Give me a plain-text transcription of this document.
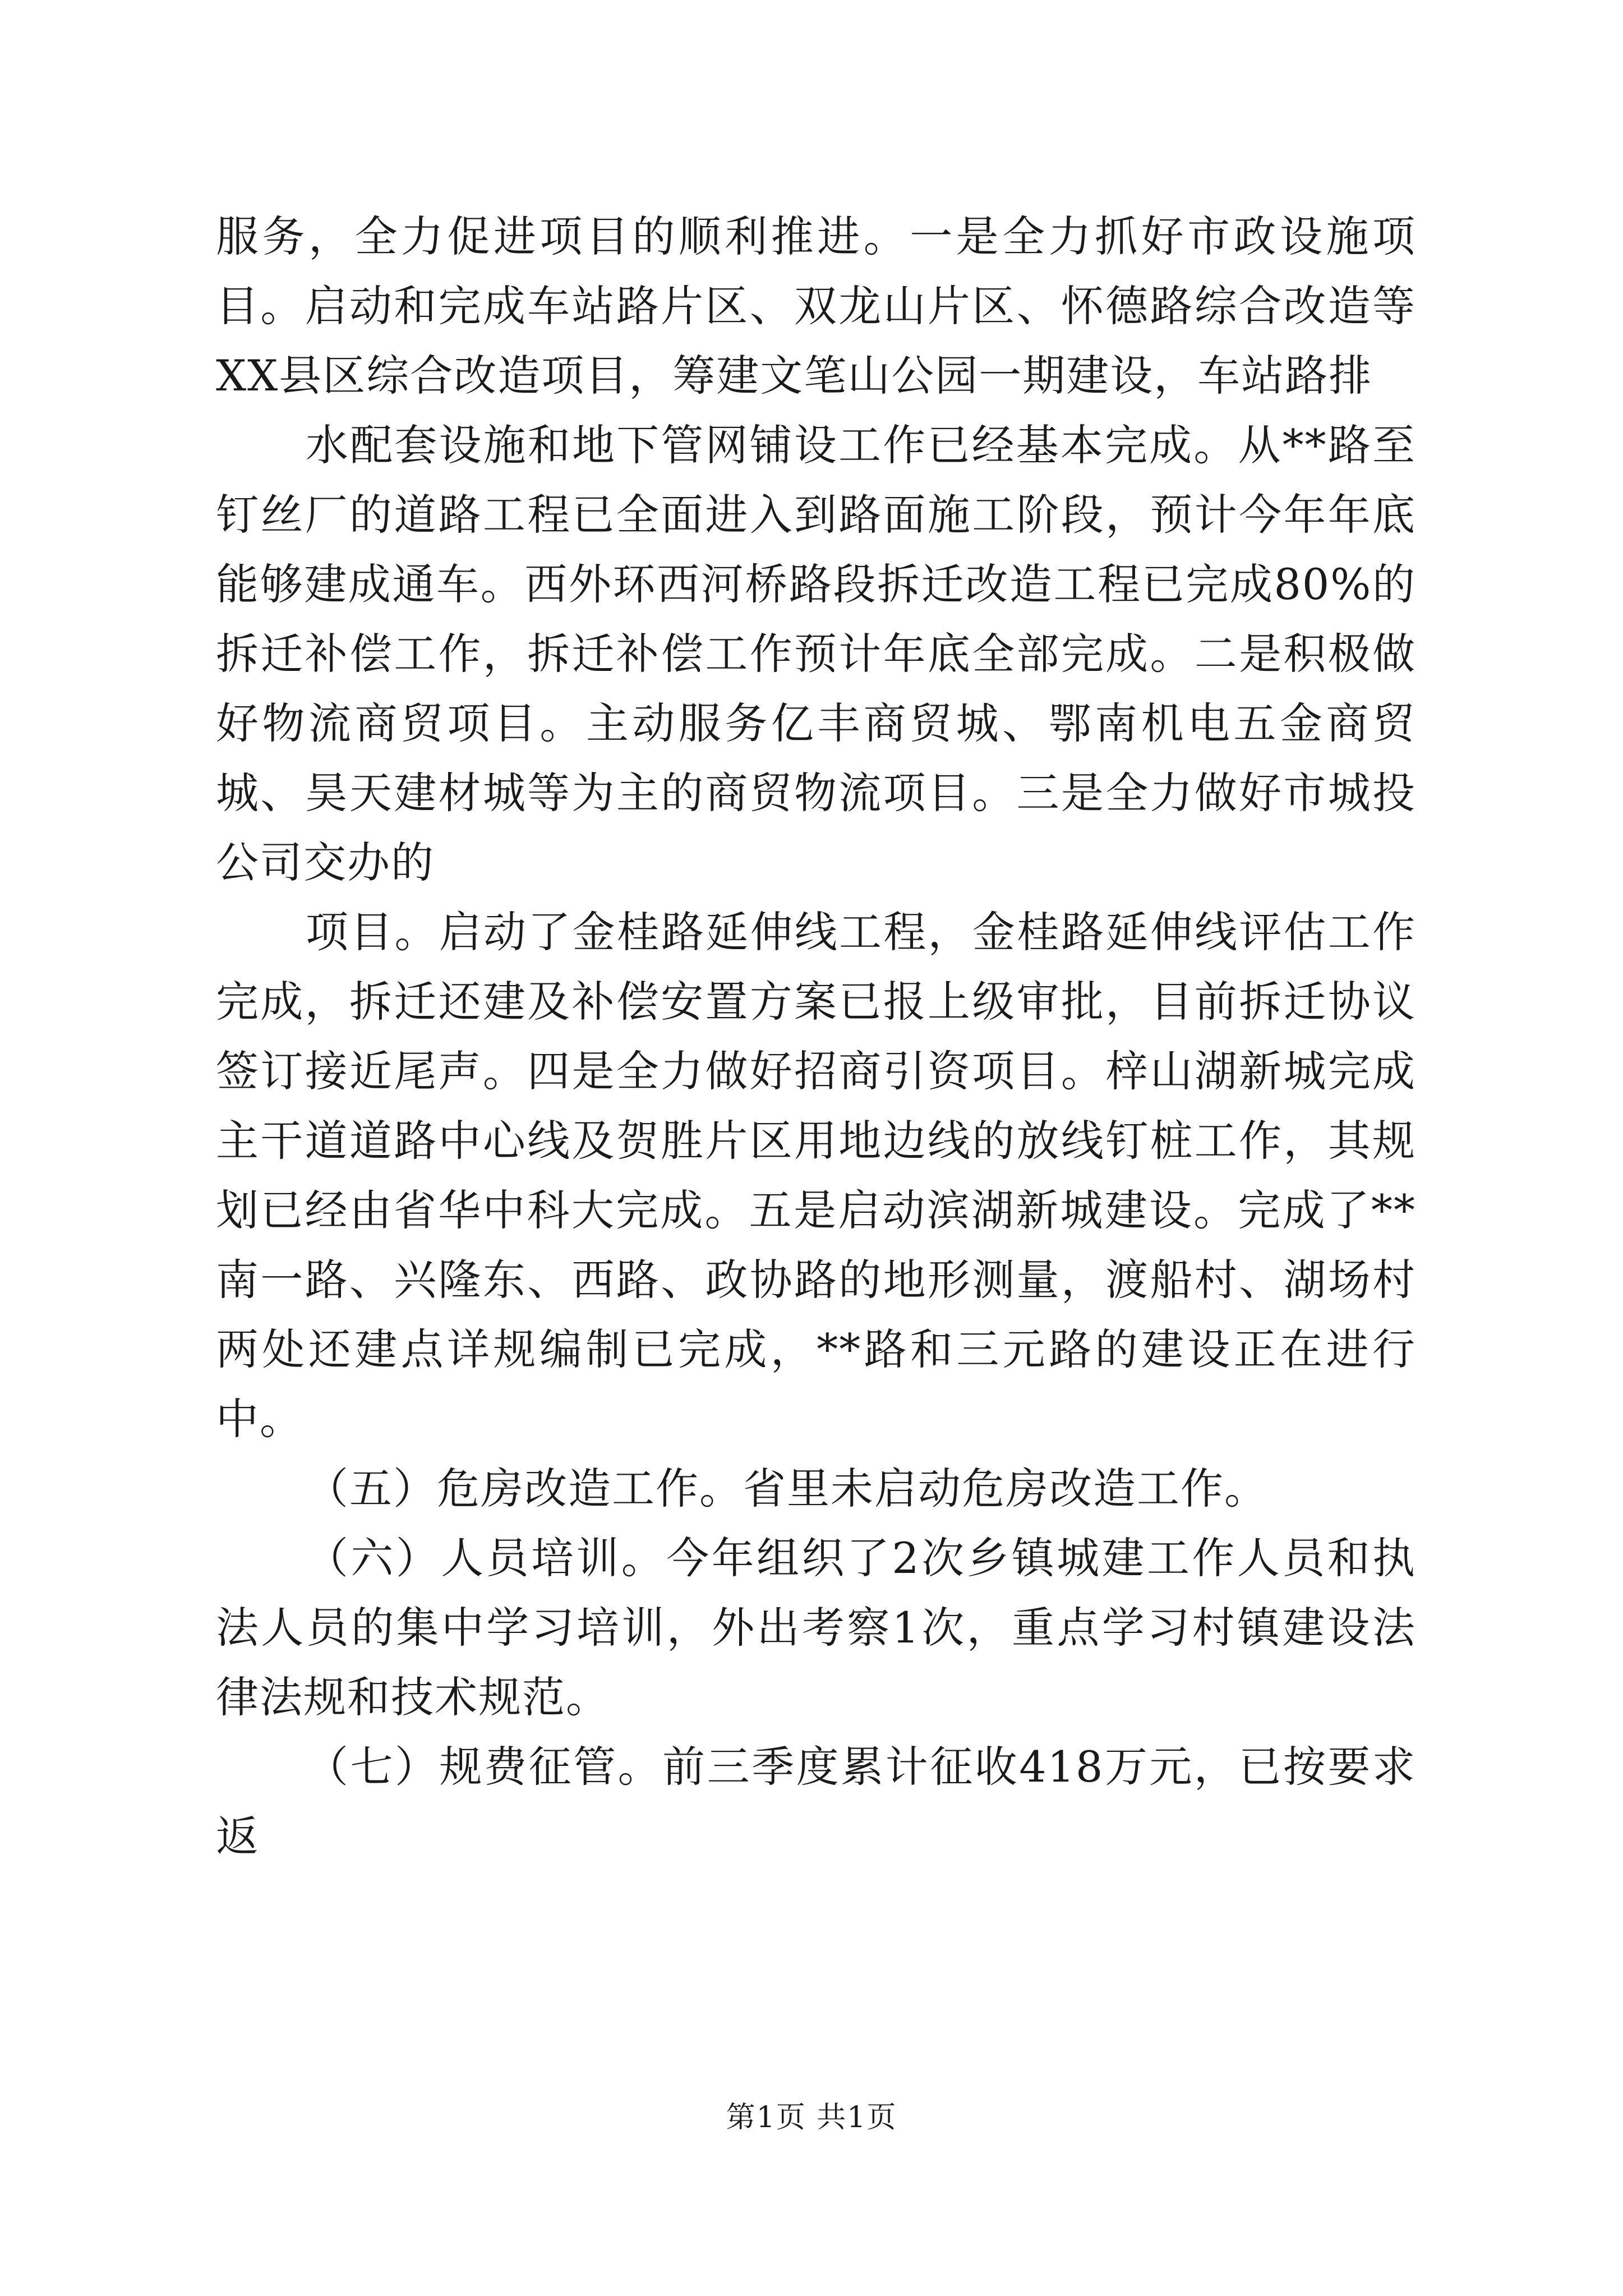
服务，全力促进项目的顺利推进。一是全力抓好市政设施项目。启动和完成车站路片区、双龙山片区、怀德路综合改造等XX县区综合改造项目，筹建文笔山公园一期建设，车站路排

水配套设施和地下管网铺设工作已经基本完成。从**路至钉丝厂的道路工程已全面进入到路面施工阶段，预计今年年底能够建成通车。西外环西河桥路段拆迁改造工程已完成80%的拆迁补偿工作，拆迁补偿工作预计年底全部完成。二是积极做好物流商贸项目。主动服务亿丰商贸城、鄂南机电五金商贸城、昊天建材城等为主的商贸物流项目。三是全力做好市城投公司交办的

项目。启动了金桂路延伸线工程，金桂路延伸线评估工作完成，拆迁还建及补偿安置方案已报上级审批，目前拆迁协议签订接近尾声。四是全力做好招商引资项目。梓山湖新城完成主干道道路中心线及贺胜片区用地边线的放线钉桩工作，其规划已经由省华中科大完成。五是启动滨湖新城建设。完成了**南一路、兴隆东、西路、政协路的地形测量，渡船村、湖场村两处还建点详规编制已完成，**路和三元路的建设正在进行中。

（五）危房改造工作。省里未启动危房改造工作。

（六）人员培训。今年组织了2次乡镇城建工作人员和执法人员的集中学习培训，外出考察1次，重点学习村镇建设法律法规和技术规范。

（七）规费征管。前三季度累计征收418万元，已按要求返

第1页 共1页
